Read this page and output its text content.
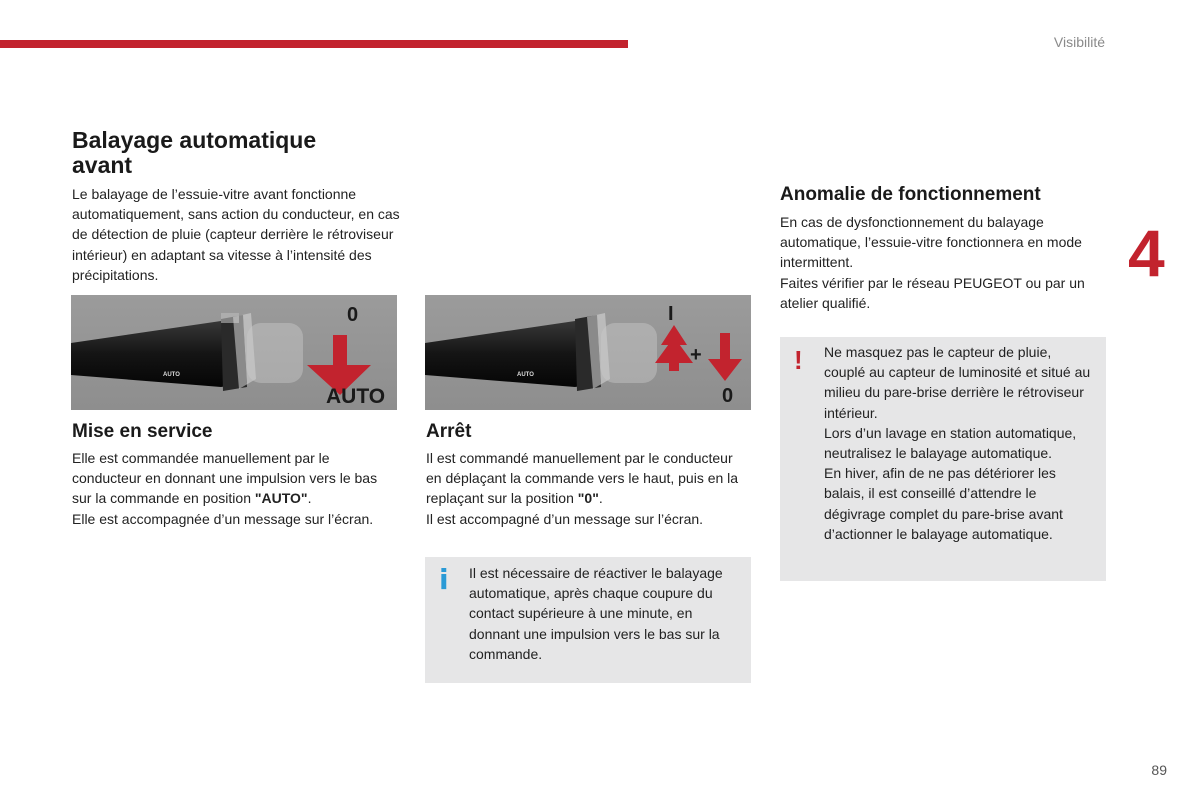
Visibilité
4
89
Balayage automatique
avant

Le balayage de l’essuie-vitre avant fonctionne automatiquement, sans action du conducteur, en cas de détection de pluie (capteur derrière le rétroviseur intérieur) en adaptant sa vitesse à l’intensité des précipitations.

AUTO
0
AUTO
AUTO
+
I
0
Mise en service

Elle est commandée manuellement par le conducteur en donnant une impulsion vers le bas sur la commande en position "AUTO".
Elle est accompagnée d’un message sur l’écran.

Arrêt

Il est commandé manuellement par le conducteur en déplaçant la commande vers le haut, puis en la replaçant sur la position "0".
Il est accompagné d’un message sur l’écran.

i Il est nécessaire de réactiver le balayage automatique, après chaque coupure du contact supérieure à une minute, en donnant une impulsion vers le bas sur la commande.

Anomalie de fonctionnement

En cas de dysfonctionnement du balayage automatique, l’essuie-vitre fonctionnera en mode intermittent.
Faites vérifier par le réseau PEUGEOT ou par un atelier qualifié.

! Ne masquez pas le capteur de pluie, couplé au capteur de luminosité et situé au milieu du pare-brise derrière le rétroviseur intérieur.
Lors d’un lavage en station automatique, neutralisez le balayage automatique.
En hiver, afin de ne pas détériorer les balais, il est conseillé d’attendre le dégivrage complet du pare-brise avant d’actionner le balayage automatique.
